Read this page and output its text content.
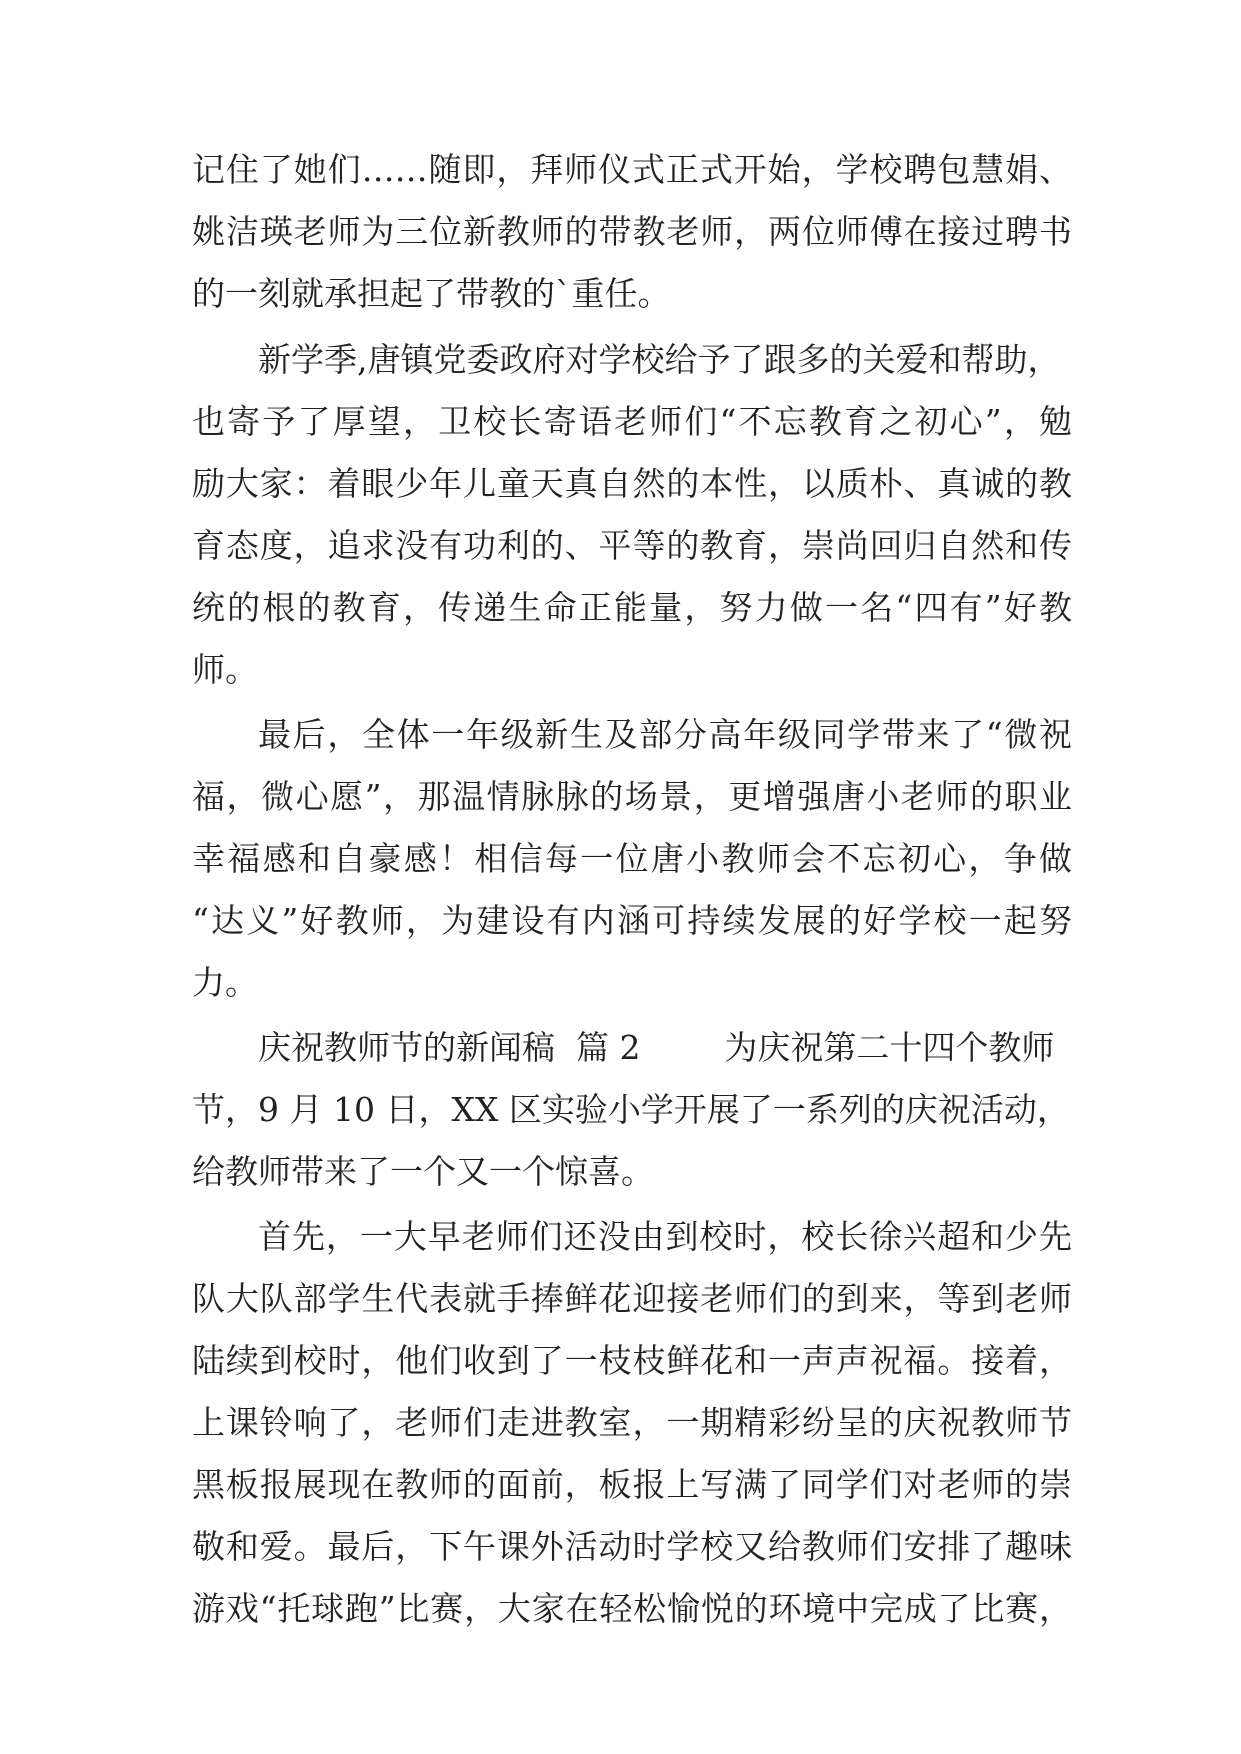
记住了她们……随即，拜师仪式正式开始，学校聘包慧娟、
姚洁瑛老师为三位新教师的带教老师，两位师傅在接过聘书
的一刻就承担起了带教的`重任。
新学季,唐镇党委政府对学校给予了跟多的关爱和帮助，
也寄予了厚望，卫校长寄语老师们“不忘教育之初心”，勉
励大家：着眼少年儿童天真自然的本性，以质朴、真诚的教
育态度，追求没有功利的、平等的教育，崇尚回归自然和传
统的根的教育，传递生命正能量，努力做一名“四有”好教
师。
最后，全体一年级新生及部分高年级同学带来了“微祝
福，微心愿”，那温情脉脉的场景，更增强唐小老师的职业
幸福感和自豪感！相信每一位唐小教师会不忘初心，争做
“达义”好教师，为建设有内涵可持续发展的好学校一起努
力。
庆祝教师节的新闻稿  篇 2        为庆祝第二十四个教师
节，9 月 10 日，XX 区实验小学开展了一系列的庆祝活动，
给教师带来了一个又一个惊喜。
首先，一大早老师们还没由到校时，校长徐兴超和少先
队大队部学生代表就手捧鲜花迎接老师们的到来，等到老师
陆续到校时，他们收到了一枝枝鲜花和一声声祝福。接着，
上课铃响了，老师们走进教室，一期精彩纷呈的庆祝教师节
黑板报展现在教师的面前，板报上写满了同学们对老师的崇
敬和爱。最后，下午课外活动时学校又给教师们安排了趣味
游戏“托球跑”比赛，大家在轻松愉悦的环境中完成了比赛，
